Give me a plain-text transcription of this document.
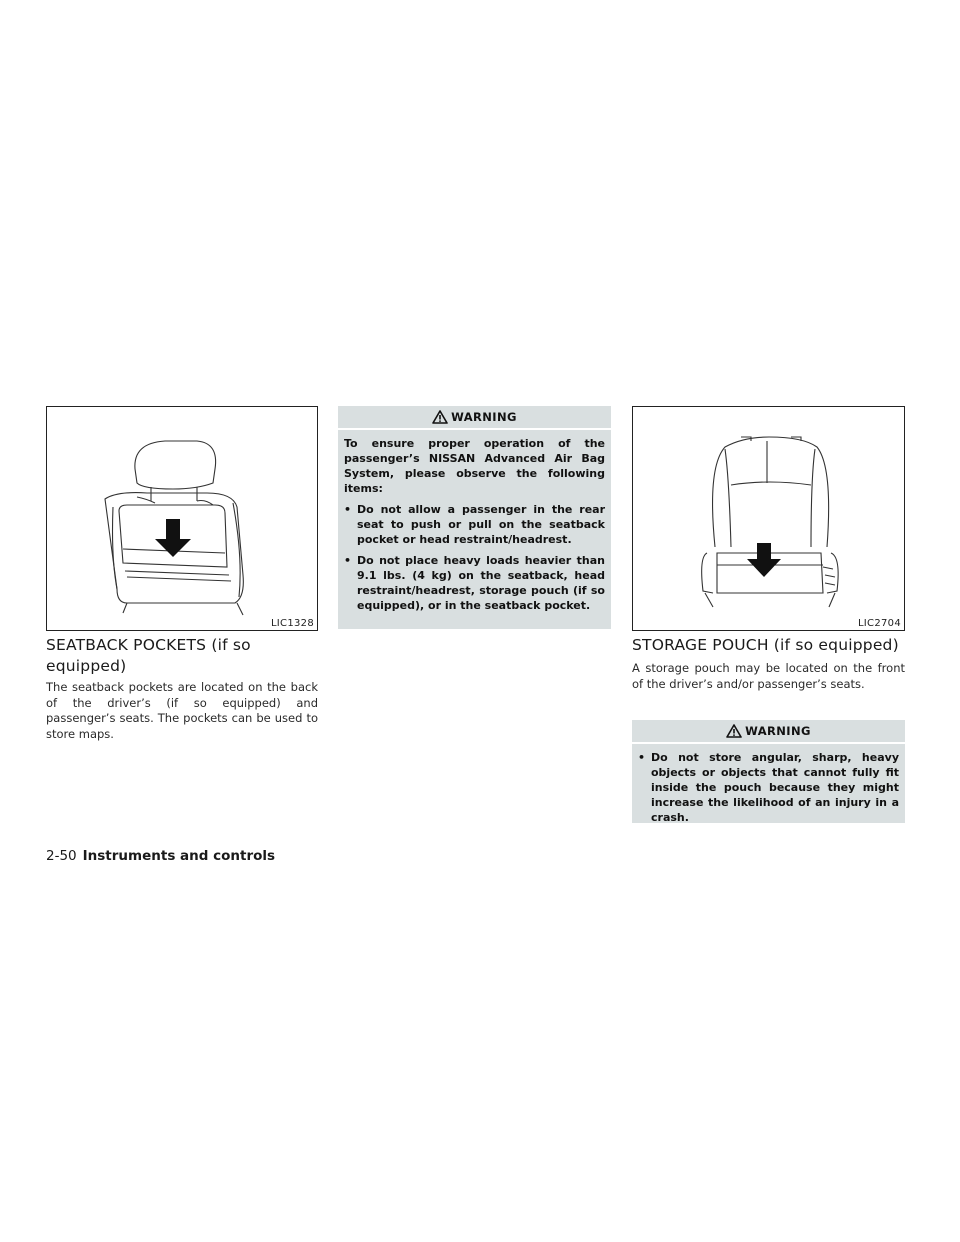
LIC1328
SEATBACK POCKETS (if so equipped)

The seatback pockets are located on the back of the driver’s (if so equipped) and passenger’s seats. The pockets can be used to store maps.

WARNING

To ensure proper operation of the passenger’s NISSAN Advanced Air Bag System, please observe the following items:

• Do not allow a passenger in the rear seat to push or pull on the seatback pocket or head restraint/headrest.
• Do not place heavy loads heavier than 9.1 lbs. (4 kg) on the seatback, head restraint/headrest, storage pouch (if so equipped), or in the seatback pocket.
LIC2704
STORAGE POUCH (if so equipped)

A storage pouch may be located on the front of the driver’s and/or passenger’s seats.

WARNING
• Do not store angular, sharp, heavy objects or objects that cannot fully fit inside the pouch because they might increase the likelihood of an injury in a crash.
2-50 Instruments and controls
